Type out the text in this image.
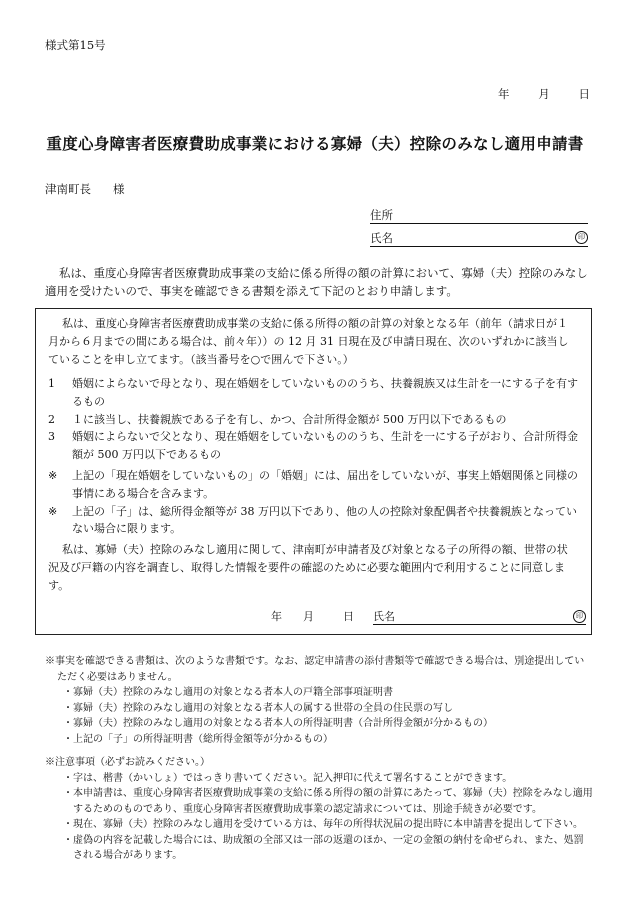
様式第15号
年	月	日
重度心身障害者医療費助成事業における寡婦（夫）控除のみなし適用申請書
津南町長 様
住所
氏名	印
私は、重度心身障害者医療費助成事業の支給に係る所得の額の計算において、寡婦（夫）控除のみなし適用を受けたいので、事実を確認できる書類を添えて下記のとおり申請します。
私は、重度心身障害者医療費助成事業の支給に係る所得の額の計算の対象となる年（前年（請求日が１月から６月までの間にある場合は、前々年））の 12 月 31 日現在及び申請日現在、次のいずれかに該当していることを申し立てます。（該当番号を○で囲んで下さい。）
1	婚姻によらないで母となり、現在婚姻をしていないもののうち、扶養親族又は生計を一にする子を有するもの
2	１に該当し、扶養親族である子を有し、かつ、合計所得金額が 500 万円以下であるもの
3	婚姻によらないで父となり、現在婚姻をしていないもののうち、生計を一にする子がおり、合計所得金額が 500 万円以下であるもの
※	上記の「現在婚姻をしていないもの」の「婚姻」には、届出をしていないが、事実上婚姻関係と同様の事情にある場合を含みます。
※	上記の「子」は、総所得金額等が 38 万円以下であり、他の人の控除対象配偶者や扶養親族となっていない場合に限ります。
私は、寡婦（夫）控除のみなし適用に関して、津南町が申請者及び対象となる子の所得の額、世帯の状況及び戸籍の内容を調査し、取得した情報を要件の確認のために必要な範囲内で利用することに同意します。
年 月	日 氏名	印
※事実を確認できる書類は、次のような書類です。なお、認定申請書の添付書類等で確認できる場合は、別途提出していただく必要はありません。
・ 寡婦（夫）控除のみなし適用の対象となる者本人の戸籍全部事項証明書
・ 寡婦（夫）控除のみなし適用の対象となる者本人の属する世帯の全員の住民票の写し
・ 寡婦（夫）控除のみなし適用の対象となる者本人の所得証明書（合計所得金額が分かるもの）
・ 上記の「子」の所得証明書（総所得金額等が分かるもの）
※注意事項（必ずお読みください。）
・ 字は、楷書（かいしょ）ではっきり書いてください。記入押印に代えて署名することができます。
・ 本申請書は、重度心身障害者医療費助成事業の支給に係る所得の額の計算にあたって、寡婦（夫）控除をみなし適用するためのものであり、重度心身障害者医療費助成事業の認定請求については、別途手続きが必要です。
・ 現在、寡婦（夫）控除のみなし適用を受けている方は、毎年の所得状況届の提出時に本申請書を提出して下さい。
・ 虚偽の内容を記載した場合には、助成額の全部又は一部の返還のほか、一定の金額の納付を命ぜられ、また、処罰される場合があります。
